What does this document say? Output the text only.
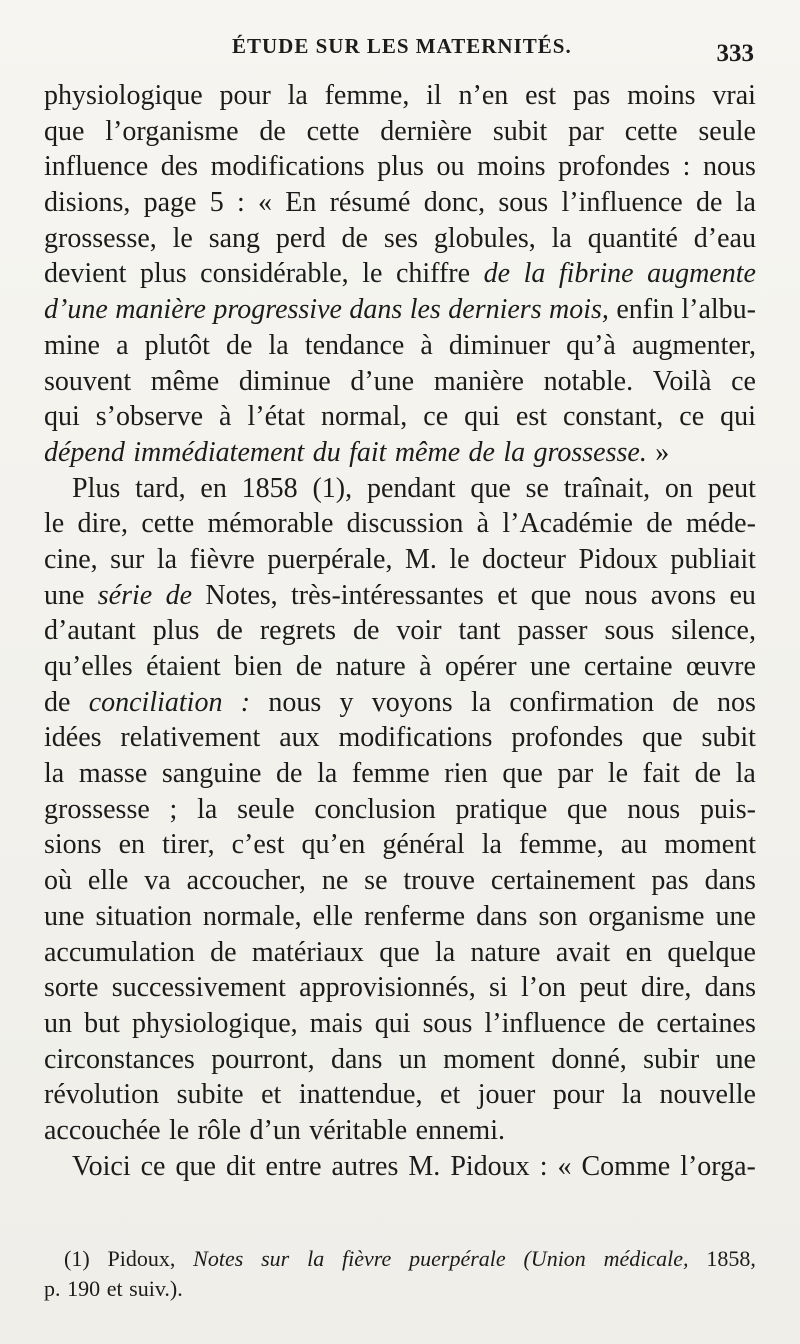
ÉTUDE SUR LES MATERNITÉS.	333
physiologique pour la femme, il n’en est pas moins vrai
que l’organisme de cette dernière subit par cette seule
influence des modifications plus ou moins profondes : nous
disions, page 5 : « En résumé donc, sous l’influence de la
grossesse, le sang perd de ses globules, la quantité d’eau
devient plus considérable, le chiffre de la fibrine augmente
d’une manière progressive dans les derniers mois, enfin l’albu-
mine a plutôt de la tendance à diminuer qu’à augmenter,
souvent même diminue d’une manière notable. Voilà ce
qui s’observe à l’état normal, ce qui est constant, ce qui
dépend immédiatement du fait même de la grossesse. »
Plus tard, en 1858 (1), pendant que se traînait, on peut
le dire, cette mémorable discussion à l’Académie de méde-
cine, sur la fièvre puerpérale, M. le docteur Pidoux publiait
une série de Notes, très-intéressantes et que nous avons eu
d’autant plus de regrets de voir tant passer sous silence,
qu’elles étaient bien de nature à opérer une certaine œuvre
de conciliation : nous y voyons la confirmation de nos
idées relativement aux modifications profondes que subit
la masse sanguine de la femme rien que par le fait de la
grossesse ; la seule conclusion pratique que nous puis-
sions en tirer, c’est qu’en général la femme, au moment
où elle va accoucher, ne se trouve certainement pas dans
une situation normale, elle renferme dans son organisme une
accumulation de matériaux que la nature avait en quelque
sorte successivement approvisionnés, si l’on peut dire, dans
un but physiologique, mais qui sous l’influence de certaines
circonstances pourront, dans un moment donné, subir une
révolution subite et inattendue, et jouer pour la nouvelle
accouchée le rôle d’un véritable ennemi.
Voici ce que dit entre autres M. Pidoux : « Comme l’orga-
(1) Pidoux, Notes sur la fièvre puerpérale (Union médicale, 1858,
p. 190 et suiv.).
